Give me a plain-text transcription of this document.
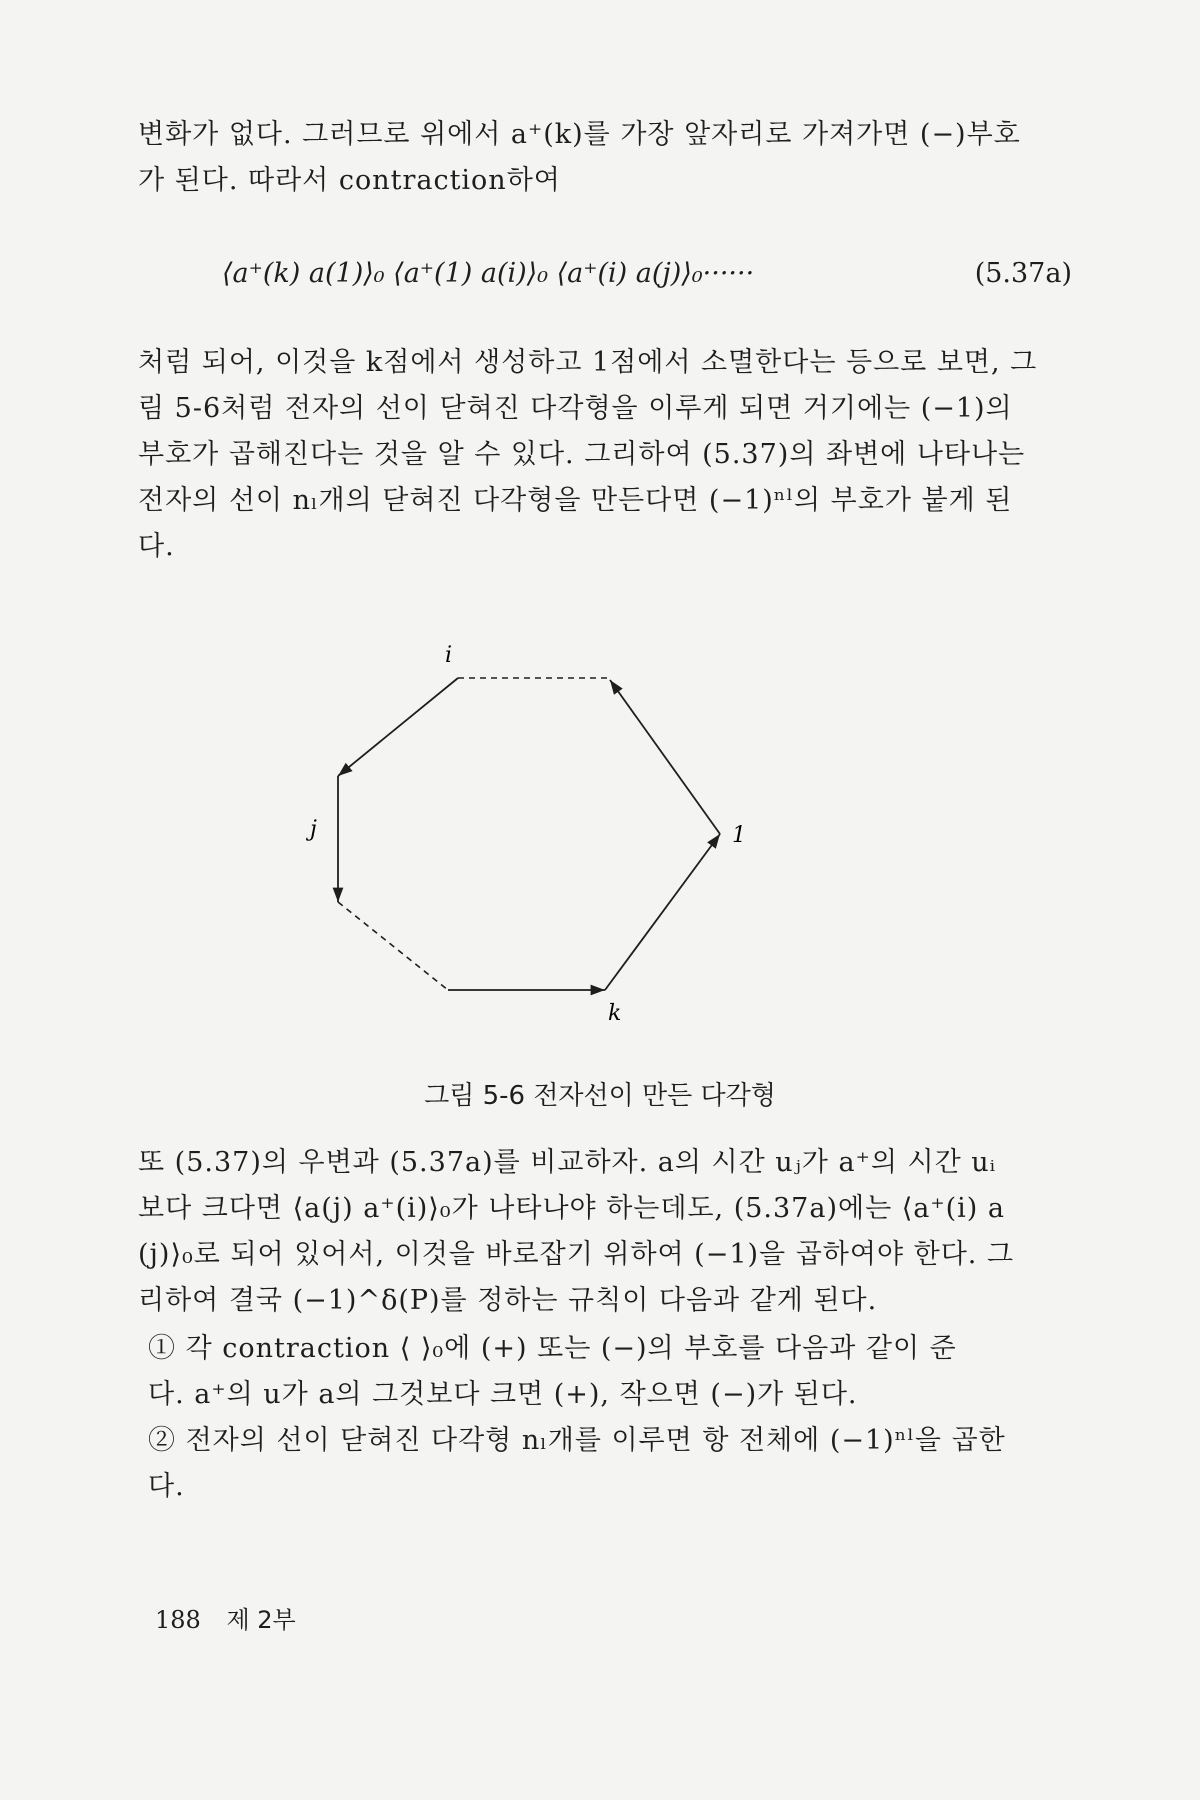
변화가 없다. 그러므로 위에서 a⁺(k)를 가장 앞자리로 가져가면 (−)부호

가 된다. 따라서 contraction하여

⟨a⁺(k) a(1)⟩₀ ⟨a⁺(1) a(i)⟩₀ ⟨a⁺(i) a(j)⟩₀······	(5.37a)

처럼 되어, 이것을 k점에서 생성하고 1점에서 소멸한다는 등으로 보면, 그

림 5-6처럼 전자의 선이 닫혀진 다각형을 이루게 되면 거기에는 (−1)의

부호가 곱해진다는 것을 알 수 있다. 그리하여 (5.37)의 좌변에 나타나는

전자의 선이 nₗ개의 닫혀진 다각형을 만든다면 (−1)ⁿˡ의 부호가 붙게 된

다.

i
j	1
k
그림 5-6 전자선이 만든 다각형

또 (5.37)의 우변과 (5.37a)를 비교하자. a의 시간 uⱼ가 a⁺의 시간 uᵢ

보다 크다면 ⟨a(j) a⁺(i)⟩₀가 나타나야 하는데도, (5.37a)에는 ⟨a⁺(i) a

(j)⟩₀로 되어 있어서, 이것을 바로잡기 위하여 (−1)을 곱하여야 한다. 그

리하여 결국 (−1)^δ(P)를 정하는 규칙이 다음과 같게 된다.

① 각 contraction ⟨ ⟩₀에 (+) 또는 (−)의 부호를 다음과 같이 준

다. a⁺의 u가 a의 그것보다 크면 (+), 작으면 (−)가 된다.

② 전자의 선이 닫혀진 다각형 nₗ개를 이루면 항 전체에 (−1)ⁿˡ을 곱한

다.

188 제 2부
